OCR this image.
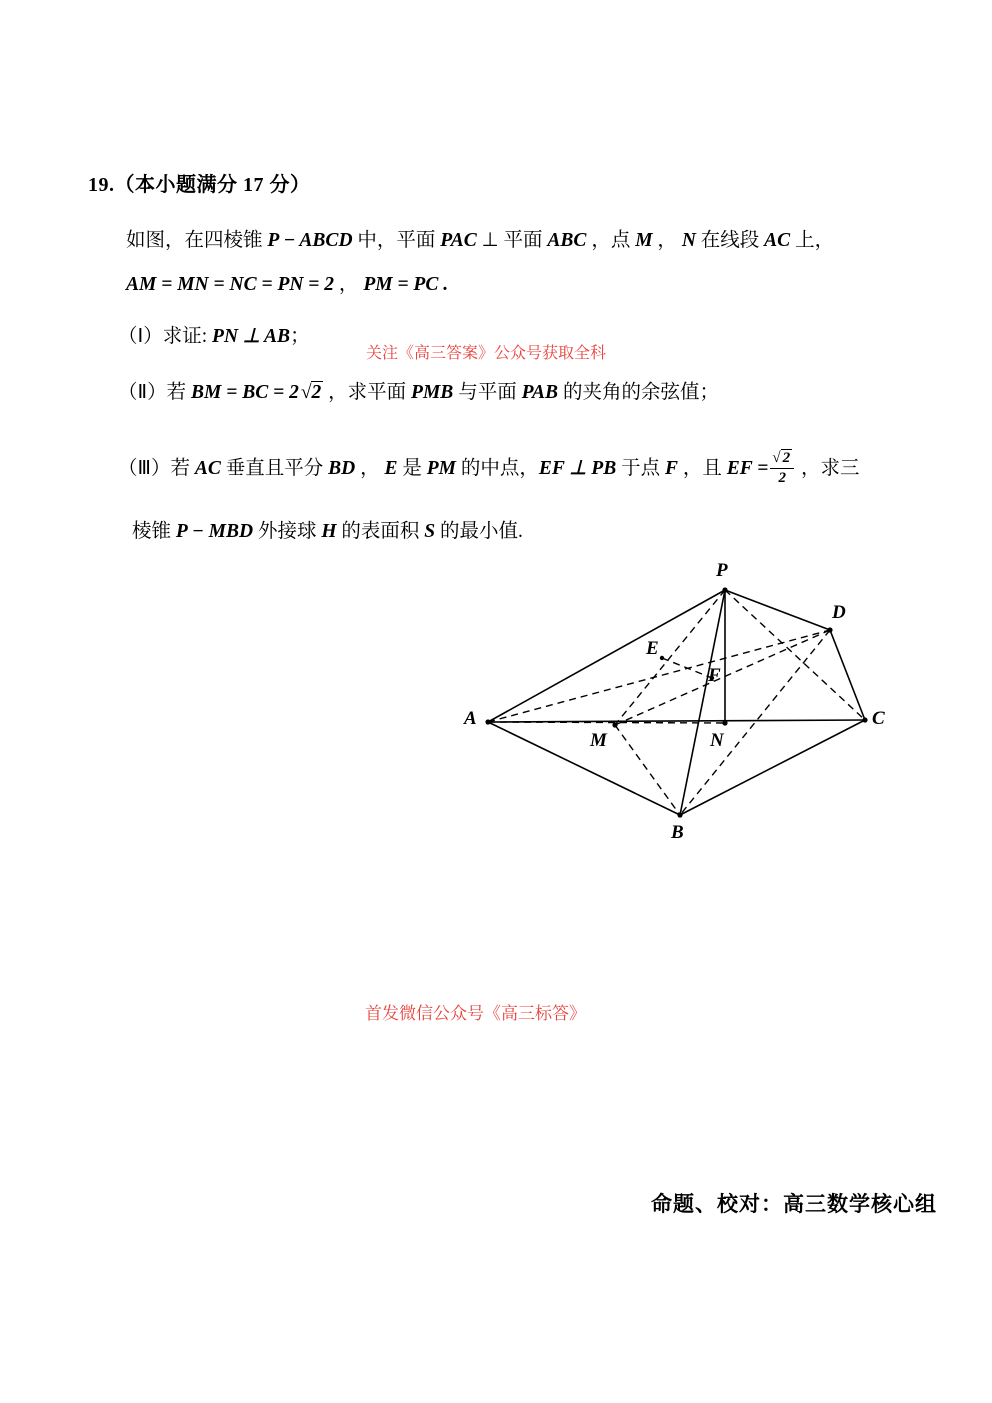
19.（本小题满分 17 分）
如图，在四棱锥 P − ABCD 中，平面 PAC ⊥ 平面 ABC ，点 M ， N 在线段 AC 上，
AM = MN = NC = PN = 2 ， PM = PC .
（Ⅰ）求证: PN ⊥ AB；
（Ⅱ）若 BM = BC = 2 √2 ，求平面 PMB 与平面 PAB 的夹角的余弦值；
（Ⅲ）若 AC 垂直且平分 BD ， E 是 PM 的中点，EF ⊥ PB 于点 F ，且 EF = $\frac{√ 2}{2}$ ，求三
棱锥 P − MBD 外接球 H 的表面积 S 的最小值.
关注《高三答案》公众号获取全科
P
D
E
F
A
M	N
C
B
首发微信公众号《高三标答》
命题、校对：高三数学核心组
